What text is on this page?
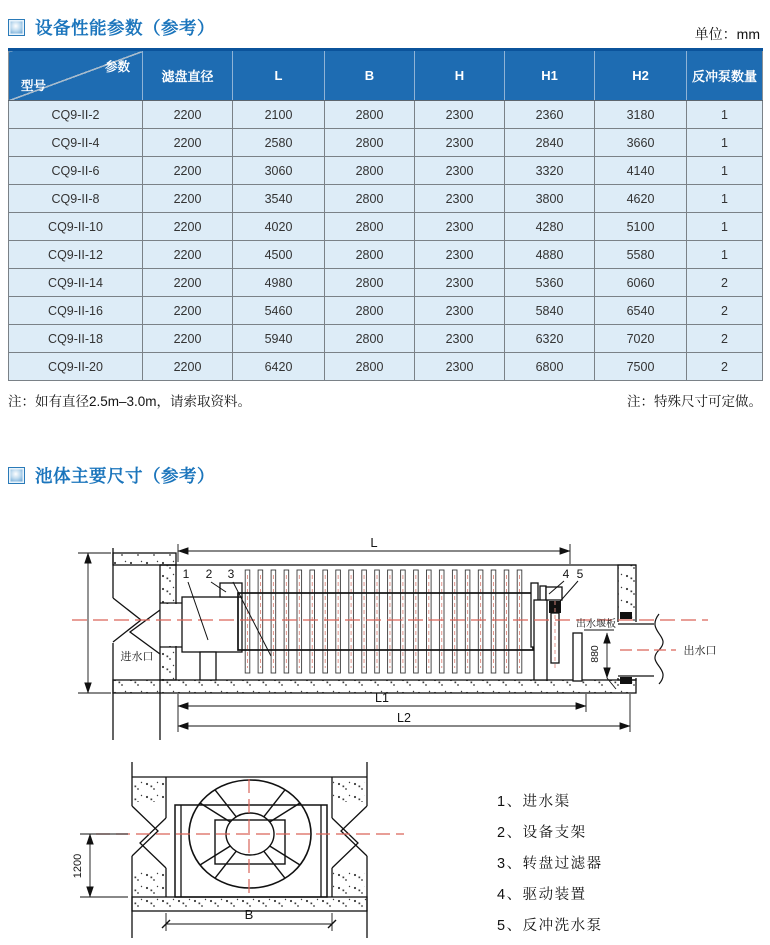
设备性能参数（参考）	单位：mm
参数
型号	滤盘直径	L	B	H	H1	H2	反冲泵数量
CQ9-II-2	2200	2100	2800	2300	2360	3180	1
CQ9-II-4	2200	2580	2800	2300	2840	3660	1
CQ9-II-6	2200	3060	2800	2300	3320	4140	1
CQ9-II-8	2200	3540	2800	2300	3800	4620	1
CQ9-II-10	2200	4020	2800	2300	4280	5100	1
CQ9-II-12	2200	4500	2800	2300	4880	5580	1
CQ9-II-14	2200	4980	2800	2300	5360	6060	2
CQ9-II-16	2200	5460	2800	2300	5840	6540	2
CQ9-II-18	2200	5940	2800	2300	6320	7020	2
CQ9-II-20	2200	6420	2800	2300	6800	7500	2
注：如有直径2.5m–3.0m，请索取资料。	注：特殊尺寸可定做。
池体主要尺寸（参考）
L
L1
L2
进水口
出水堰板
880	出水口
1 2 3	4 5
1200
B
1、进水渠
2、设备支架
3、转盘过滤器
4、驱动装置
5、反冲洗水泵
